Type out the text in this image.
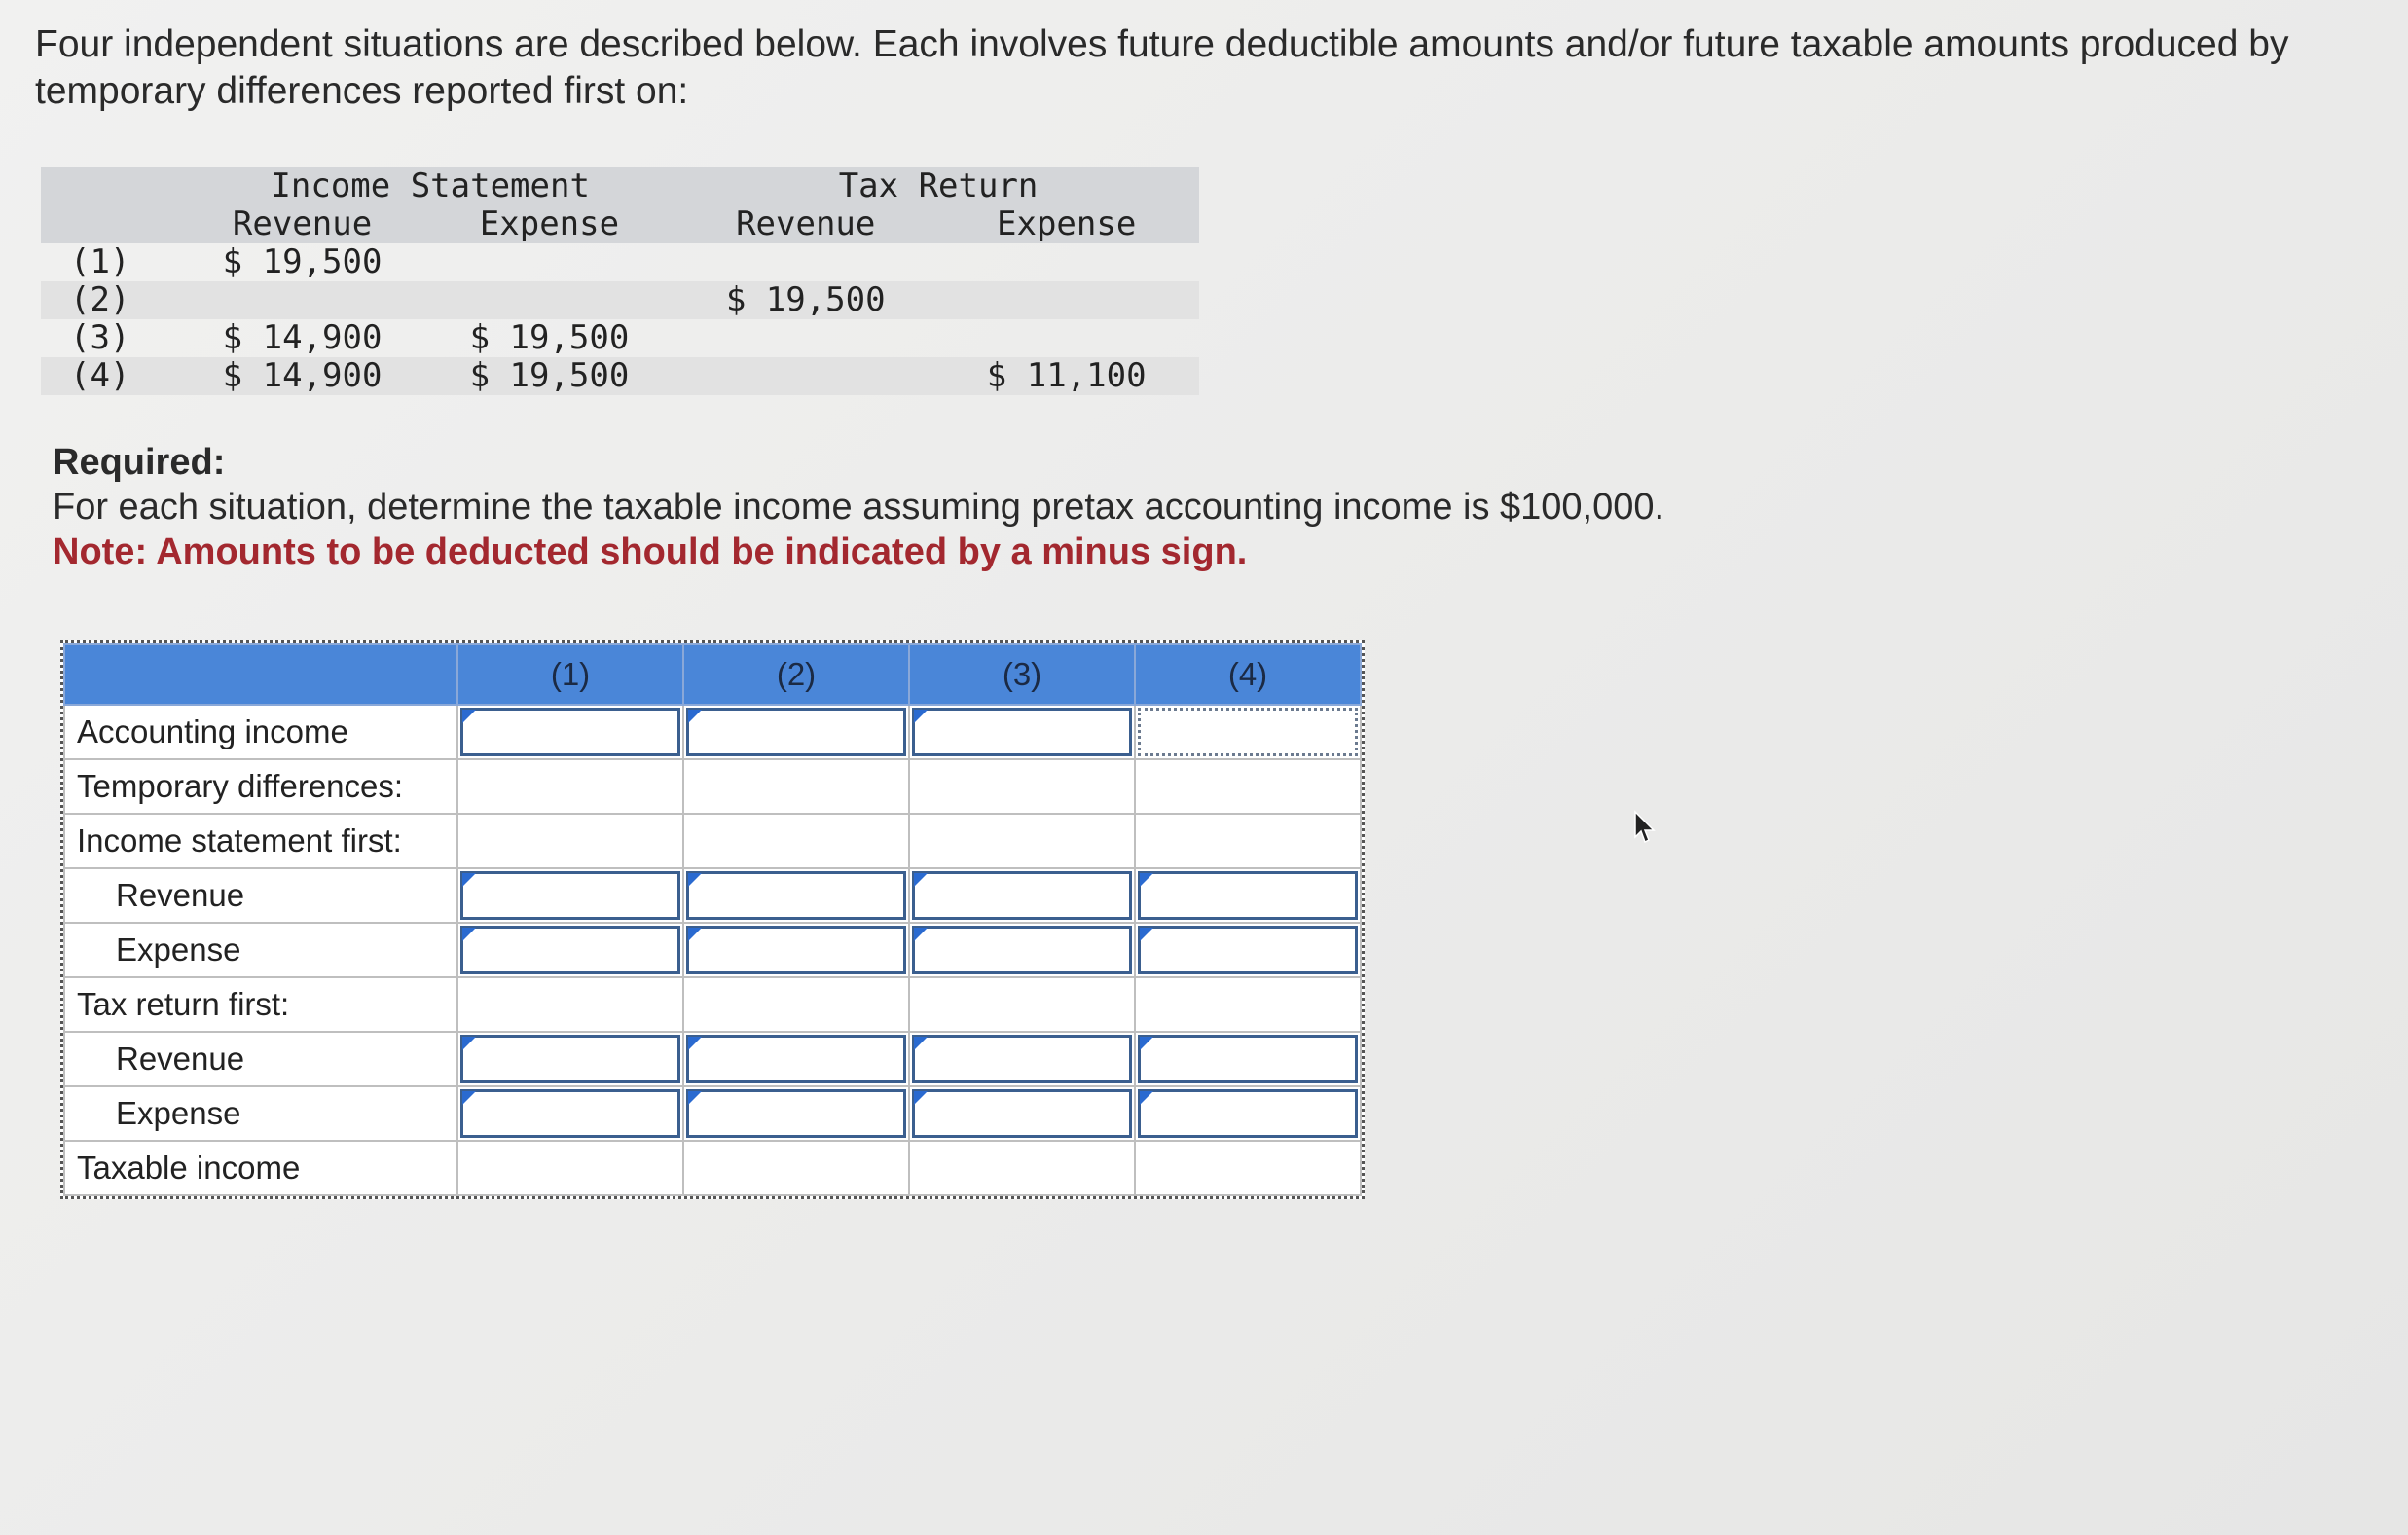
Four independent situations are described below. Each involves future deductible amounts and/or future taxable amounts produced by temporary differences reported first on:
	Income Statement		Tax Return	
	Revenue	Expense	Revenue	Expense
(1)	$ 19,500			
(2)			$ 19,500	
(3)	$ 14,900	$ 19,500		
(4)	$ 14,900	$ 19,500		$ 11,100
Required:
For each situation, determine the taxable income assuming pretax accounting income is $100,000.
Note: Amounts to be deducted should be indicated by a minus sign.
	(1)	(2)	(3)	(4)
Accounting income	

Temporary differences:				
Income statement first:				
Revenue	

Expense	

Tax return first:				
Revenue	

Expense	

Taxable income				
